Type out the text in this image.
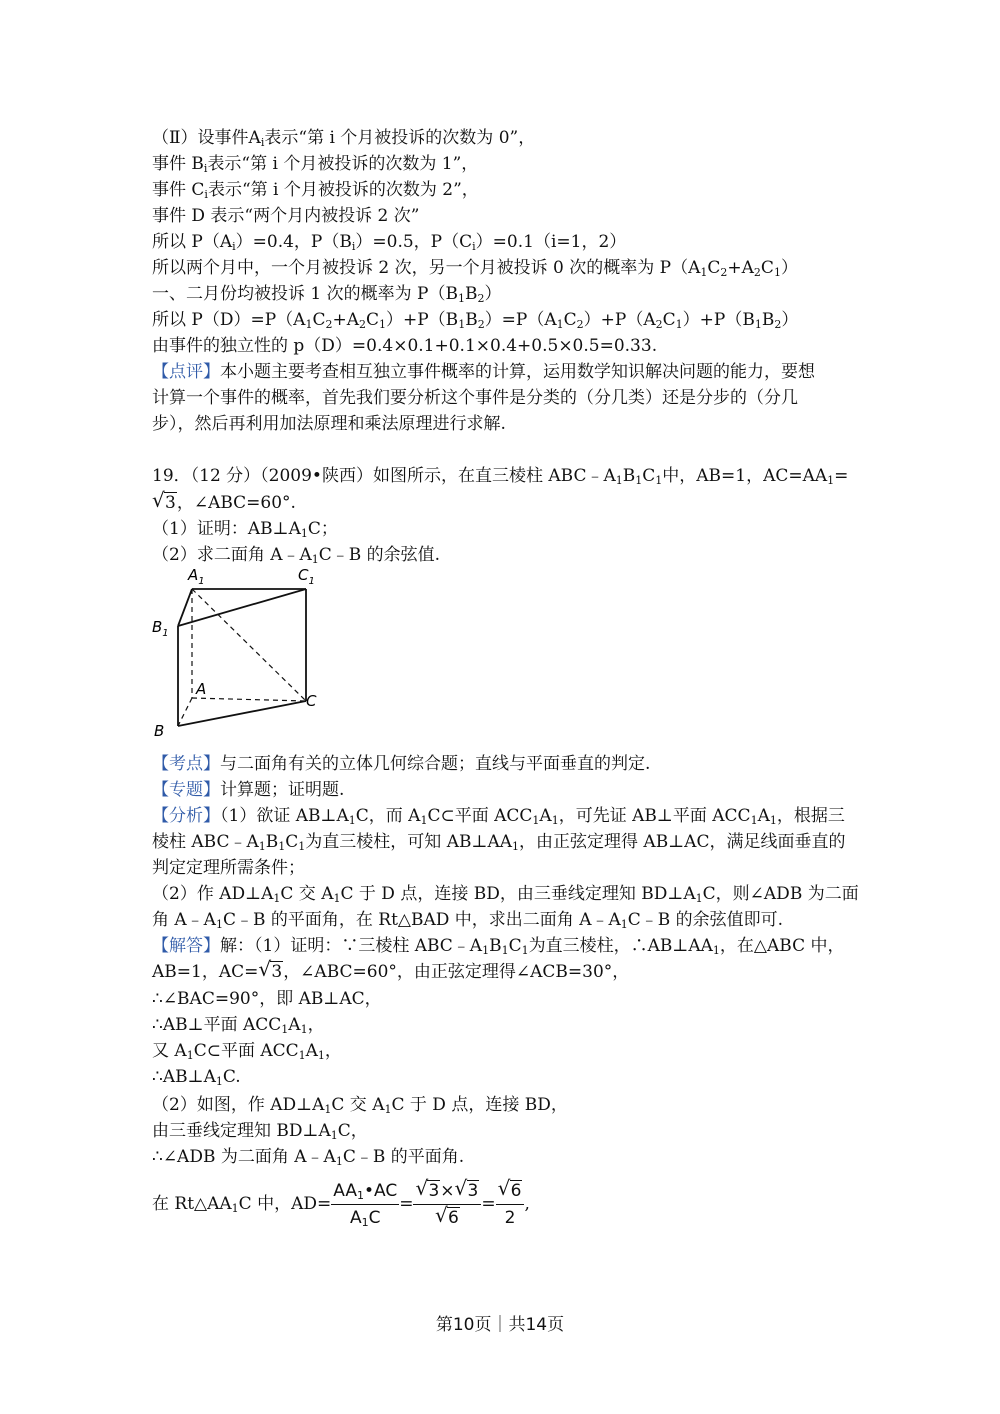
（Ⅱ）设事件$A_i$表示“第 i 个月被投诉的次数为 0”，
事件 $B_i$表示“第 i 个月被投诉的次数为 1”，
事件 $C_i$表示“第 i 个月被投诉的次数为 2”，
事件 D 表示“两个月内被投诉 2 次”
所以 $P(A_i)=0.4$，$P(B_i)=0.5$，$P(C_i)=0.1(i=1$，2）
所以两个月中，一个月被投诉 2 次，另一个月被投诉 0 次的概率为 $P(A_1C_2+A_2C_1)$
一、二月份均被投诉 1 次的概率为 $P(B_1B_2)$
所以 $P(D)=P(A_1C_2+A_2C_1)+P(B_1B_2)=P(A_1C_2)+P(A_2C_1)+P(B_1B_2)$
由事件的独立性的 p（D）=0.4×0.1+0.1×0.4+0.5×0.5=0.33.
【点评】本小题主要考查相互独立事件概率的计算，运用数学知识解决问题的能力，要想
计算一个事件的概率，首先我们要分析这个事件是分类的（分几类）还是分步的（分几
步），然后再利用加法原理和乘法原理进行求解.
19．（12 分）（2009•陕西）如图所示，在直三棱柱 $ABC﹣A_1B_1C_1$中，AB=1，$AC=AA_1=$
√ 3，∠ABC=60°.
（1）证明：$AB\perp A_1C$；
（2）求二面角 $A﹣A_1C﹣B$ 的余弦值.
$A_1$	$C_1$
$B_1$
A
C
B
【考点】与二面角有关的立体几何综合题；直线与平面垂直的判定.
【专题】计算题；证明题.
【分析】（1）欲证 $AB\perp A_1C$，而 $A_1C\subset$平面 $ACC_1A_1$，可先证 AB⊥平面 $ACC_1A_1$，根据三
棱柱 $ABC﹣A_1B_1C_1$为直三棱柱，可知 $AB\perp AA_1$，由正弦定理得 AB⊥AC，满足线面垂直的
判定定理所需条件；
（2）作 $AD\perp A_1C$ 交 $A_1C$ 于 D 点，连接 BD，由三垂线定理知 $BD\perp A_1C$，则∠ADB 为二面
角 $A﹣A_1C﹣B$ 的平面角，在 Rt△BAD 中，求出二面角 $A﹣A_1C﹣B$ 的余弦值即可.
【解答】解：（1）证明：∵三棱柱 $ABC﹣A_1B_1C_1$为直三棱柱，$\therefore AB\perp AA_1$，在△ABC 中，
AB=1，AC= √ 3，∠ABC=60°，由正弦定理得∠ACB=30°，
∴∠BAC=90°，即 AB⊥AC，
∴AB⊥平面 $ACC_1A_1$，
又 $A_1C\subset$平面 $ACC_1A_1$，
$\therefore AB\perp A_1C$.
（2）如图，作 $AD\perp A_1C$ 交 $A_1C$ 于 D 点，连接 BD，
由三垂线定理知 $BD\perp A_1C$，
∴∠ADB 为二面角 $A﹣A_1C﹣B$ 的平面角.
在 $Rt\triangle AA_1C$ 中，$AD= \frac{AA_1•AC}{A_1C} = \frac{√ 3\times √ 3}{√ 6} = \frac{√ 6}{2}$ ,
第10页｜共14页
